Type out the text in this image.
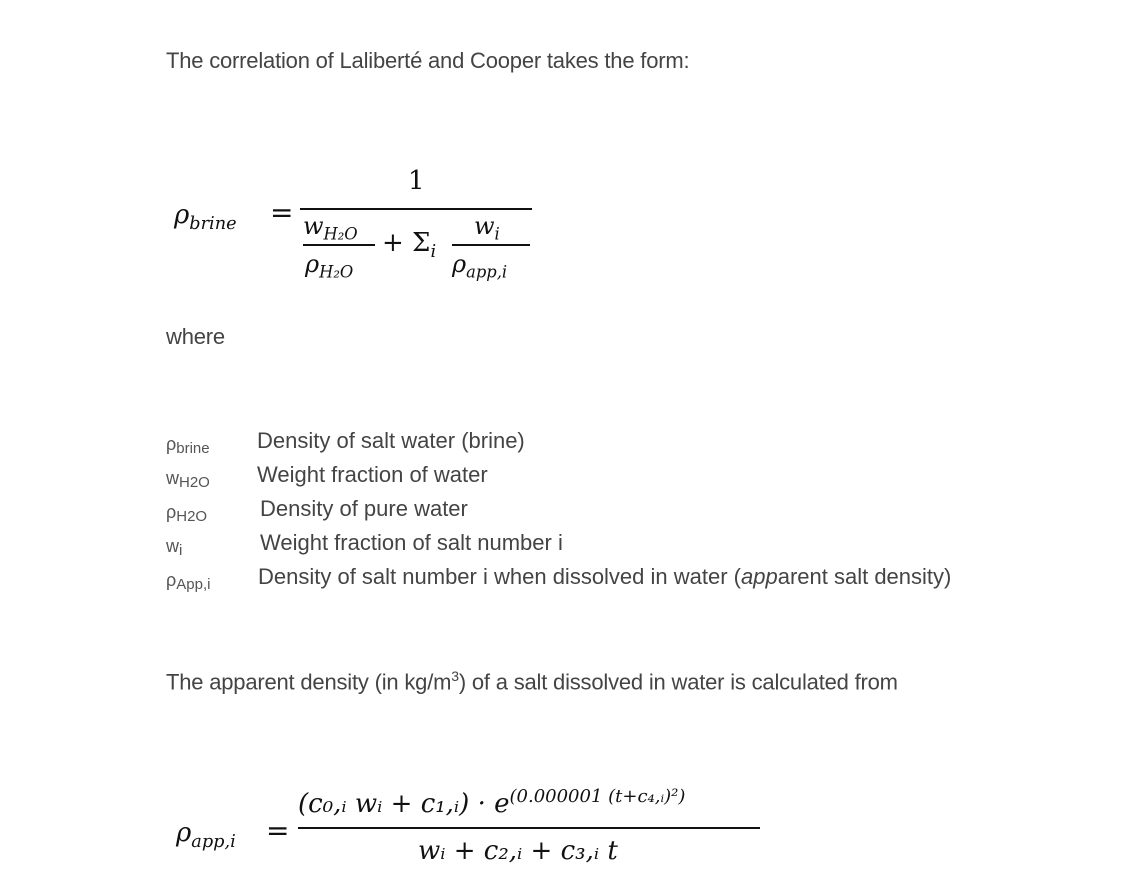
The correlation of Laliberté and Cooper takes the form:
$\rho_{brine}$ =
1
$w_{H_2O}$
$\rho_{H_2O}$
+ $\Sigma_i$
$w_i$
$\rho_{app,i}$
where
ρbrine Density of salt water (brine)
wH2O Weight fraction of water
ρH2O Density of pure water
wi	Weight fraction of salt number i
ρApp,i Density of salt number i when dissolved in water (apparent salt density)
The apparent density (in $kg/m^3$) of a salt dissolved in water is calculated from
$\rho_{app,i}$ =
(c₀,ᵢ wᵢ + c₁,ᵢ) · $e^{(0.000001 (t+c_4,ᵢ)^2)}$
wᵢ + c₂,ᵢ + c₃,ᵢ t
